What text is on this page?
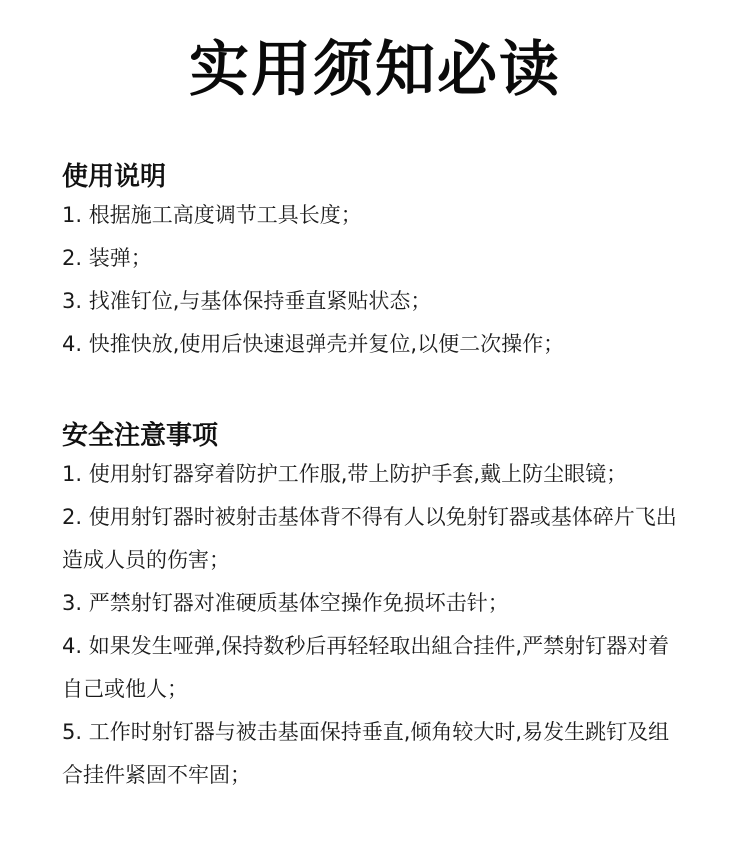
实用须知必读
使用说明
1. 根据施工高度调节工具长度；
2. 装弹；
3. 找准钉位,与基体保持垂直紧贴状态；
4. 快推快放,使用后快速退弹壳并复位,以便二次操作；
安全注意事项
1. 使用射钉器穿着防护工作服,带上防护手套,戴上防尘眼镜；
2. 使用射钉器时被射击基体背不得有人以免射钉器或基体碎片飞出造成人员的伤害；
3. 严禁射钉器对准硬质基体空操作免损坏击针；
4. 如果发生哑弹,保持数秒后再轻轻取出組合挂件,严禁射钉器对着自己或他人；
5. 工作时射钉器与被击基面保持垂直,倾角较大时,易发生跳钉及组合挂件紧固不牢固；
